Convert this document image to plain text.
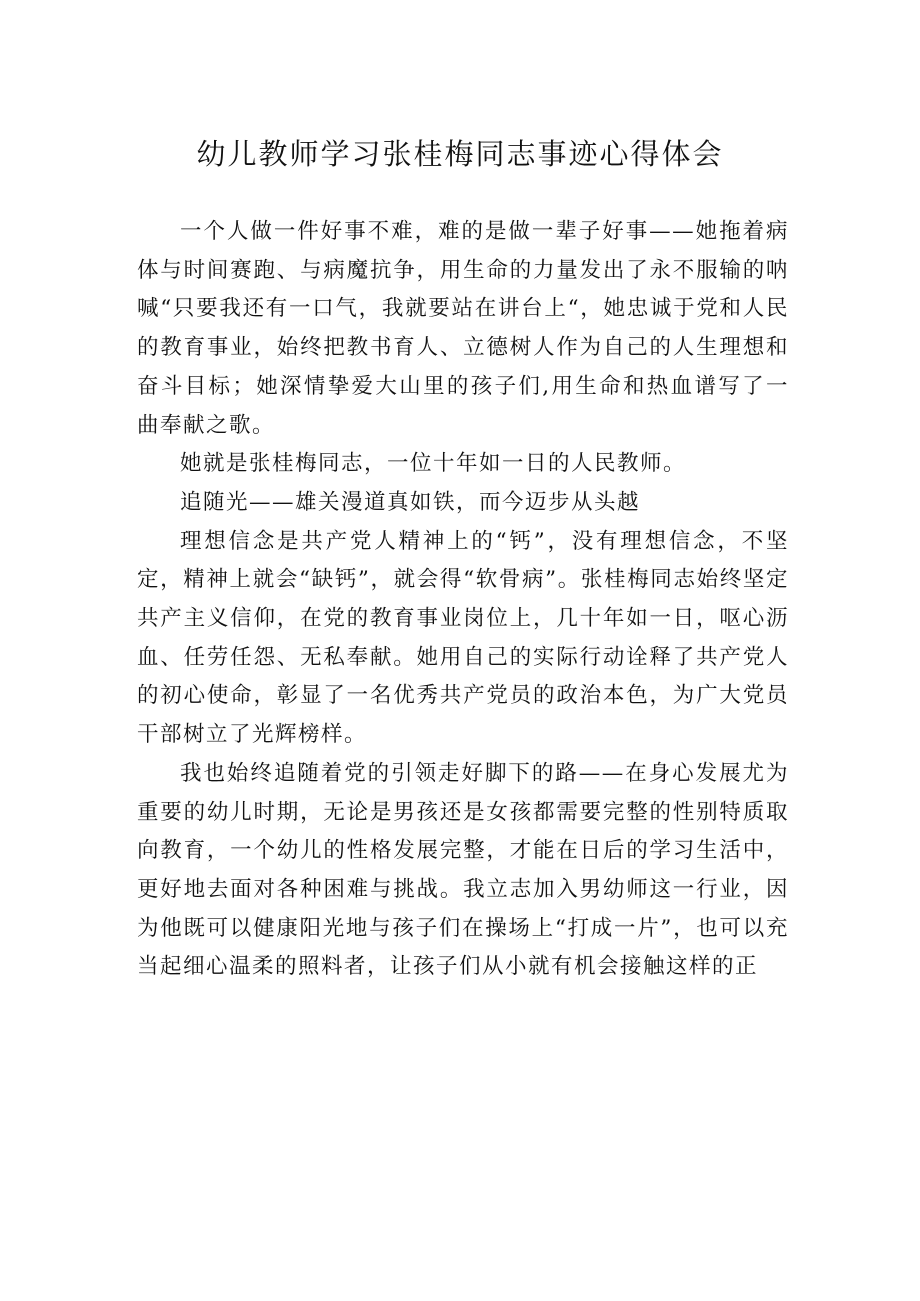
幼儿教师学习张桂梅同志事迹心得体会

一个人做一件好事不难，难的是做一辈子好事——她拖着病体与时间赛跑、与病魔抗争，用生命的力量发出了永不服输的呐喊“只要我还有一口气，我就要站在讲台上“，她忠诚于党和人民的教育事业，始终把教书育人、立德树人作为自己的人生理想和奋斗目标；她深情挚爱大山里的孩子们,用生命和热血谱写了一曲奉献之歌。

她就是张桂梅同志，一位十年如一日的人民教师。

追随光——雄关漫道真如铁，而今迈步从头越

理想信念是共产党人精神上的“钙”，没有理想信念，不坚定，精神上就会“缺钙”，就会得“软骨病”。张桂梅同志始终坚定共产主义信仰，在党的教育事业岗位上，几十年如一日，呕心沥血、任劳任怨、无私奉献。她用自己的实际行动诠释了共产党人的初心使命，彰显了一名优秀共产党员的政治本色，为广大党员干部树立了光辉榜样。

我也始终追随着党的引领走好脚下的路——在身心发展尤为重要的幼儿时期，无论是男孩还是女孩都需要完整的性别特质取向教育，一个幼儿的性格发展完整，才能在日后的学习生活中，更好地去面对各种困难与挑战。我立志加入男幼师这一行业，因为他既可以健康阳光地与孩子们在操场上“打成一片”，也可以充当起细心温柔的照料者，让孩子们从小就有机会接触这样的正
